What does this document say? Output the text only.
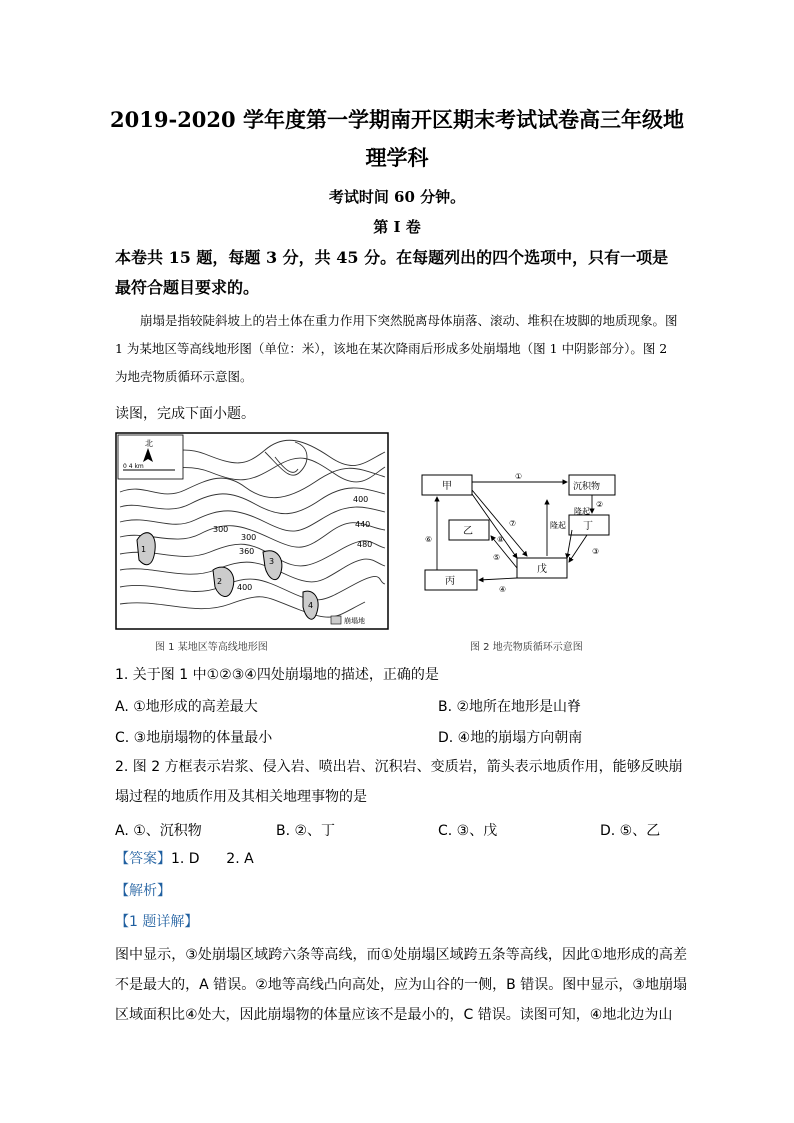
2019-2020 学年度第一学期南开区期末考试试卷高三年级地
理学科
考试时间 60 分钟。
第 I 卷
本卷共 15 题，每题 3 分，共 45 分。在每题列出的四个选项中，只有一项是最符合题目要求的。
崩塌是指较陡斜坡上的岩土体在重力作用下突然脱离母体崩落、滚动、堆积在坡脚的地质现象。图 1 为某地区等高线地形图（单位：米），该地在某次降雨后形成多处崩塌地（图 1 中阴影部分）。图 2 为地壳物质循环示意图。
读图，完成下面小题。
400
440
480
300
360
400
300
1
2
3
4
北
0 4 km
崩塌地
图 1 某地区等高线地形图
甲	沉积物
乙	丁
丙
戊
①
②
③
④
⑤
⑥
⑦
⑧
隆起
隆起
图 2 地壳物质循环示意图
1. 关于图 1 中①②③④四处崩塌地的描述，正确的是
A. ①地形成的高差最大	B. ②地所在地形是山脊
C. ③地崩塌物的体量最小	D. ④地的崩塌方向朝南
2. 图 2 方框表示岩浆、侵入岩、喷出岩、沉积岩、变质岩，箭头表示地质作用，能够反映崩塌过程的地质作用及其相关地理事物的是
A. ①、沉积物	B. ②、丁	C. ③、戊	D. ⑤、乙
【答案】1. D      2. A
【解析】
【1 题详解】
图中显示，③处崩塌区域跨六条等高线，而①处崩塌区域跨五条等高线，因此①地形成的高差不是最大的，A 错误。②地等高线凸向高处，应为山谷的一侧，B 错误。图中显示，③地崩塌区域面积比④处大，因此崩塌物的体量应该不是最小的，C 错误。读图可知，④地北边为山
